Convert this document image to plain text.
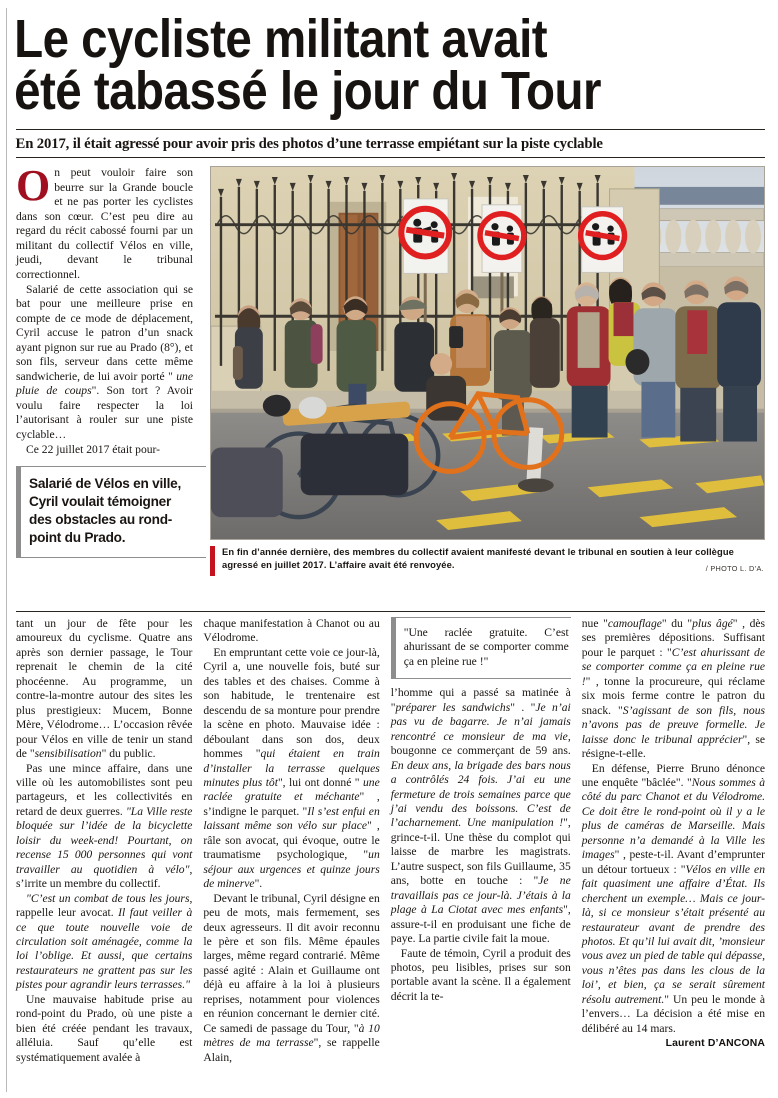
Le cycliste militant avait
été tabassé le jour du Tour

En 2017, il était agressé pour avoir pris des photos d’une terrasse empiétant sur la piste cyclable

On peut vouloir faire son beurre sur la Grande boucle et ne pas porter les cyclistes dans son cœur. C’est peu dire au regard du récit cabossé fourni par un militant du collectif Vélos en ville, jeudi, devant le tribunal correctionnel.

Salarié de cette association qui se bat pour une meilleure prise en compte de ce mode de déplacement, Cyril accuse le patron d’un snack ayant pignon sur rue au Prado (8°), et son fils, serveur dans cette même sandwicherie, de lui avoir porté " une pluie de coups". Son tort ? Avoir voulu faire respecter la loi l’autorisant à rouler sur une piste cyclable…

Ce 22 juillet 2017 était pour-

Salarié de Vélos en ville, Cyril voulait témoigner des obstacles au rond-point du Prado.
En fin d’année dernière, des membres du collectif avaient manifesté devant le tribunal en soutien à leur collègue agressé en juillet 2017. L’affaire avait été renvoyée.	/ PHOTO L. D’A.

tant un jour de fête pour les amoureux du cyclisme. Quatre ans après son dernier passage, le Tour reprenait le chemin de la cité phocéenne. Au programme, un contre-la-montre autour des sites les plus prestigieux: Mucem, Bonne Mère, Vélodrome… L’occasion rêvée pour Vélos en ville de tenir un stand de "sensibilisation" du public.

Pas une mince affaire, dans une ville où les automobilistes sont peu partageurs, et les collectivités en retard de deux guerres. "La Ville reste bloquée sur l’idée de la bicyclette loisir du week-end! Pourtant, on recense 15 000 personnes qui vont travailler au quotidien à vélo", s’irrite un membre du collectif.

"C’est un combat de tous les jours, rappelle leur avocat. Il faut veiller à ce que toute nouvelle voie de circulation soit aménagée, comme la loi l’oblige. Et aussi, que certains restaurateurs ne grattent pas sur les pistes pour agrandir leurs terrasses."

Une mauvaise habitude prise au rond-point du Prado, où une piste a bien été créée pendant les travaux, alléluia. Sauf qu’elle est systématiquement avalée à

chaque manifestation à Chanot ou au Vélodrome.

En empruntant cette voie ce jour-là, Cyril a, une nouvelle fois, buté sur des tables et des chaises. Comme à son habitude, le trentenaire est descendu de sa monture pour prendre la scène en photo. Mauvaise idée : déboulant dans son dos, deux hommes "qui étaient en train d’installer la terrasse quelques minutes plus tôt", lui ont donné " une raclée gratuite et méchante" , s’indigne le parquet. "Il s’est enfui en laissant même son vélo sur place" , râle son avocat, qui évoque, outre le traumatisme psychologique, "un séjour aux urgences et quinze jours de minerve".

Devant le tribunal, Cyril désigne en peu de mots, mais fermement, ses deux agresseurs. Il dit avoir reconnu le père et son fils. Même épaules larges, même regard contrarié. Même passé agité : Alain et Guillaume ont déjà eu affaire à la loi à plusieurs reprises, notamment pour violences en réunion concernant le dernier cité. Ce samedi de passage du Tour, "à 10 mètres de ma terrasse", se rappelle Alain,

"Une raclée gratuite. C’est ahurissant de se comporter comme ça en pleine rue !"

l’homme qui a passé sa matinée à "préparer les sandwichs" . "Je n’ai pas vu de bagarre. Je n’ai jamais rencontré ce monsieur de ma vie, bougonne ce commerçant de 59 ans. En deux ans, la brigade des bars nous a contrôlés 24 fois. J’ai eu une fermeture de trois semaines parce que j’ai vendu des boissons. C’est de l’acharnement. Une manipulation !", grince-t-il. Une thèse du complot qui laisse de marbre les magistrats. L’autre suspect, son fils Guillaume, 35 ans, botte en touche : "Je ne travaillais pas ce jour-là. J’étais à la plage à La Ciotat avec mes enfants", assure-t-il en produisant une fiche de paye. La partie civile fait la moue.

Faute de témoin, Cyril a produit des photos, peu lisibles, prises sur son portable avant la scène. Il a également décrit la te-

nue "camouflage" du "plus âgé" , dès ses premières dépositions. Suffisant pour le parquet : "C’est ahurissant de se comporter comme ça en pleine rue !" , tonne la procureure, qui réclame six mois ferme contre le patron du snack. "S’agissant de son fils, nous n’avons pas de preuve formelle. Je laisse donc le tribunal apprécier", se résigne-t-elle.

En défense, Pierre Bruno dénonce une enquête "bâclée". "Nous sommes à côté du parc Chanot et du Vélodrome. Ce doit être le rond-point où il y a le plus de caméras de Marseille. Mais personne n’a demandé à la Ville les images" , peste-t-il. Avant d’emprunter un détour tortueux : "Vélos en ville en fait quasiment une affaire d’État. Ils cherchent un exemple… Mais ce jour-là, si ce monsieur s’était présenté au restaurateur avant de prendre des photos. Et qu’il lui avait dit, ’monsieur vous avez un pied de table qui dépasse, vous n’êtes pas dans les clous de la loi’, et bien, ça se serait sûrement résolu autrement." Un peu le monde à l’envers… La décision a été mise en délibéré au 14 mars.

Laurent D’ANCONA
